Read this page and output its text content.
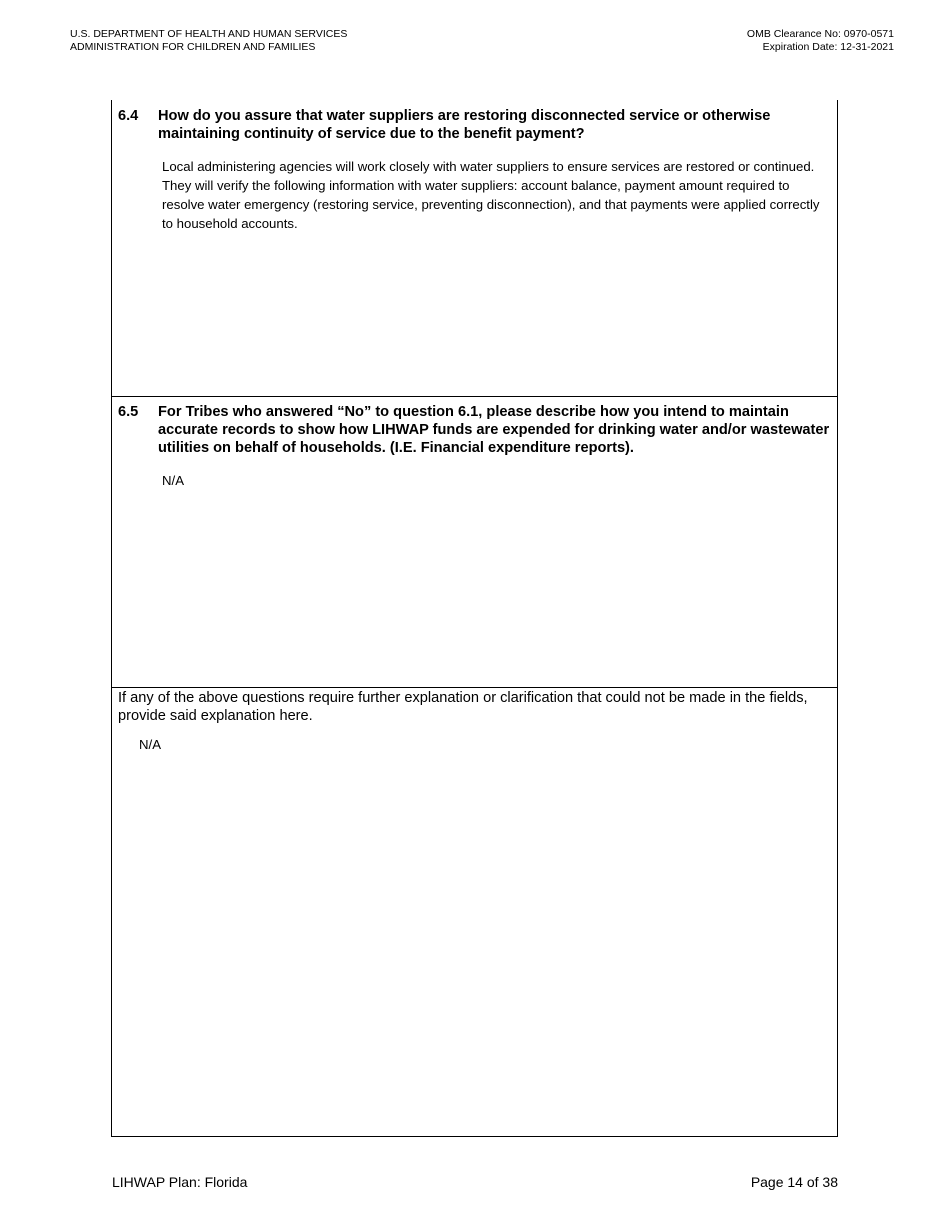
U.S. DEPARTMENT OF HEALTH AND HUMAN SERVICES
ADMINISTRATION FOR CHILDREN AND FAMILIES
OMB Clearance No: 0970-0571
Expiration Date: 12-31-2021
6.4 How do you assure that water suppliers are restoring disconnected service or otherwise maintaining continuity of service due to the benefit payment?
Local administering agencies will work closely with water suppliers to ensure services are restored or continued. They will verify the following information with water suppliers: account balance, payment amount required to resolve water emergency (restoring service, preventing disconnection), and that payments were applied correctly to household accounts.
6.5 For Tribes who answered “No” to question 6.1, please describe how you intend to maintain accurate records to show how LIHWAP funds are expended for drinking water and/or wastewater utilities on behalf of households. (I.E. Financial expenditure reports).
N/A
If any of the above questions require further explanation or clarification that could not be made in the fields, provide said explanation here.
N/A
LIHWAP Plan: Florida	Page 14 of 38
